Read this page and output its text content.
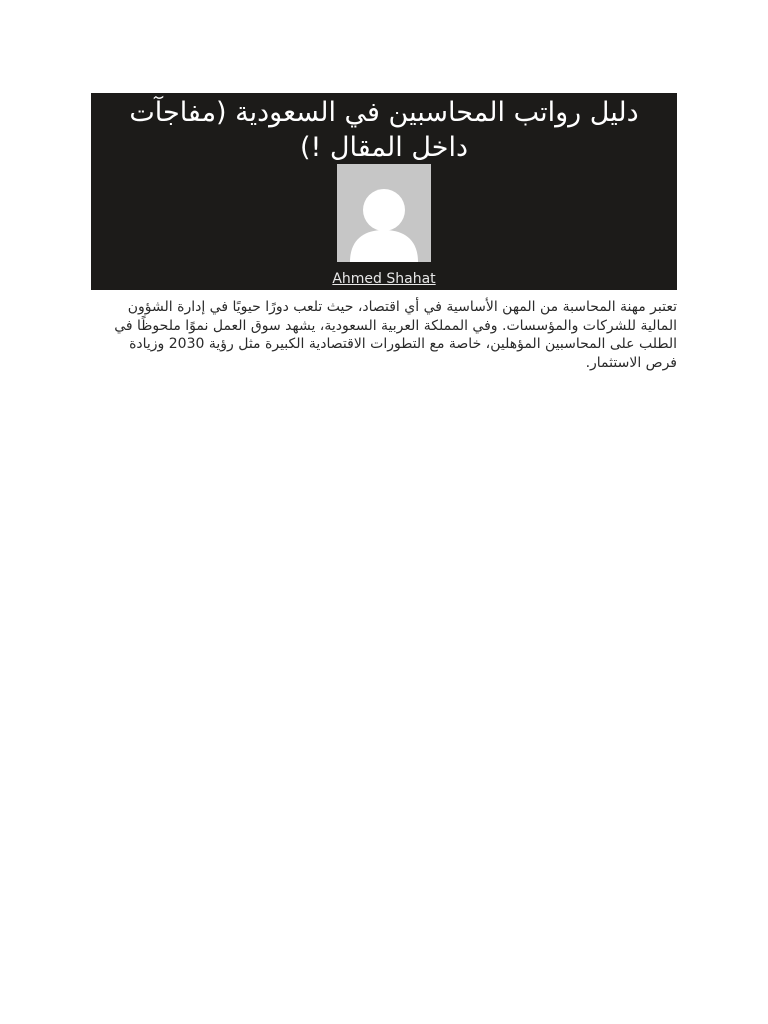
دليل رواتب المحاسبين في السعودية (مفاجآت داخل المقال !)
Ahmed Shahat

تعتبر مهنة المحاسبة من المهن الأساسية في أي اقتصاد، حيث تلعب دورًا حيويًا في إدارة الشؤون المالية للشركات والمؤسسات. وفي المملكة العربية السعودية، يشهد سوق العمل نموًا ملحوظًا في الطلب على المحاسبين المؤهلين، خاصة مع التطورات الاقتصادية الكبيرة مثل رؤية 2030 وزيادة فرص الاستثمار.
